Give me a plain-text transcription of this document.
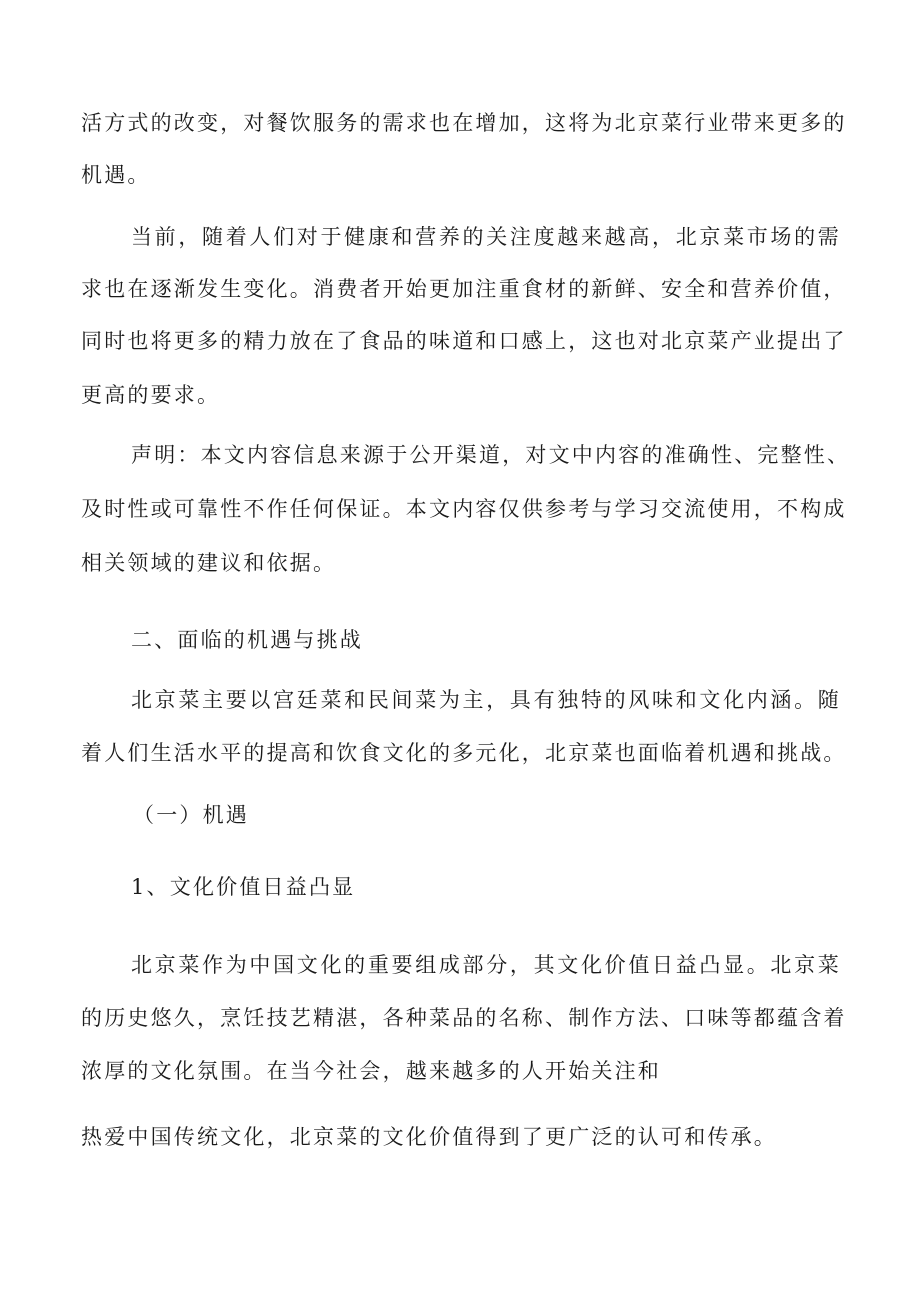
活方式的改变，对餐饮服务的需求也在增加，这将为北京菜行业带来更多的
机遇。
当前，随着人们对于健康和营养的关注度越来越高，北京菜市场的需
求也在逐渐发生变化。消费者开始更加注重食材的新鲜、安全和营养价值，
同时也将更多的精力放在了食品的味道和口感上，这也对北京菜产业提出了
更高的要求。
声明：本文内容信息来源于公开渠道，对文中内容的准确性、完整性、
及时性或可靠性不作任何保证。本文内容仅供参考与学习交流使用，不构成
相关领域的建议和依据。
二、面临的机遇与挑战
北京菜主要以宫廷菜和民间菜为主，具有独特的风味和文化内涵。随
着人们生活水平的提高和饮食文化的多元化，北京菜也面临着机遇和挑战。
（一）机遇
1、文化价值日益凸显
北京菜作为中国文化的重要组成部分，其文化价值日益凸显。北京菜
的历史悠久，烹饪技艺精湛，各种菜品的名称、制作方法、口味等都蕴含着
浓厚的文化氛围。在当今社会，越来越多的人开始关注和
热爱中国传统文化，北京菜的文化价值得到了更广泛的认可和传承。
